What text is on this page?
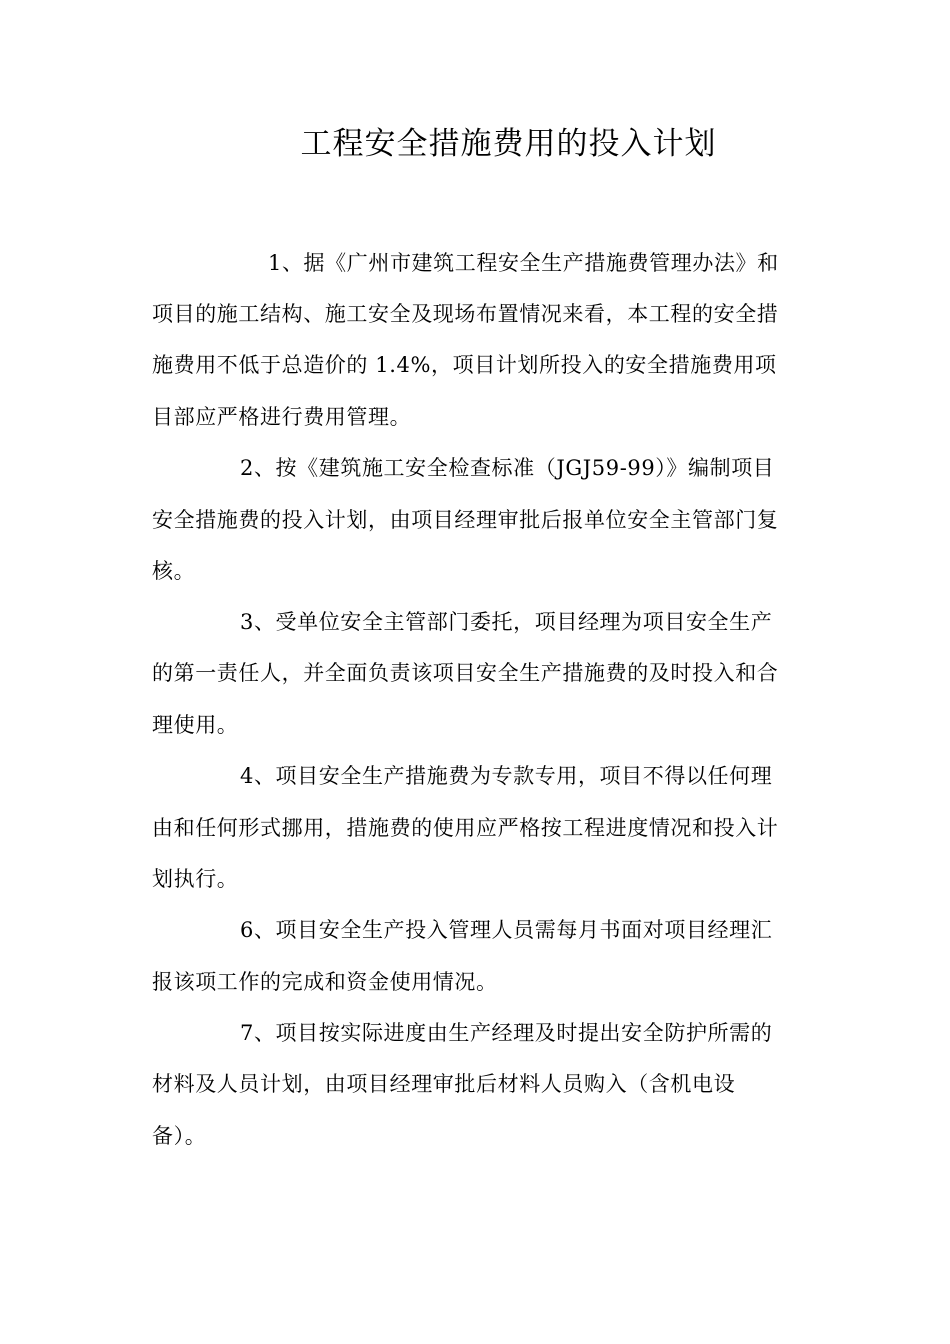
工程安全措施费用的投入计划
1、据《广州市建筑工程安全生产措施费管理办法》和
项目的施工结构、施工安全及现场布置情况来看，本工程的安全措
施费用不低于总造价的 1.4%，项目计划所投入的安全措施费用项
目部应严格进行费用管理。
2、按《建筑施工安全检查标准（JGJ59-99）》编制项目
安全措施费的投入计划，由项目经理审批后报单位安全主管部门复
核。
3、受单位安全主管部门委托，项目经理为项目安全生产
的第一责任人，并全面负责该项目安全生产措施费的及时投入和合
理使用。
4、项目安全生产措施费为专款专用，项目不得以任何理
由和任何形式挪用，措施费的使用应严格按工程进度情况和投入计
划执行。
6、项目安全生产投入管理人员需每月书面对项目经理汇
报该项工作的完成和资金使用情况。
7、项目按实际进度由生产经理及时提出安全防护所需的
材料及人员计划，由项目经理审批后材料人员购入（含机电设
备）。
